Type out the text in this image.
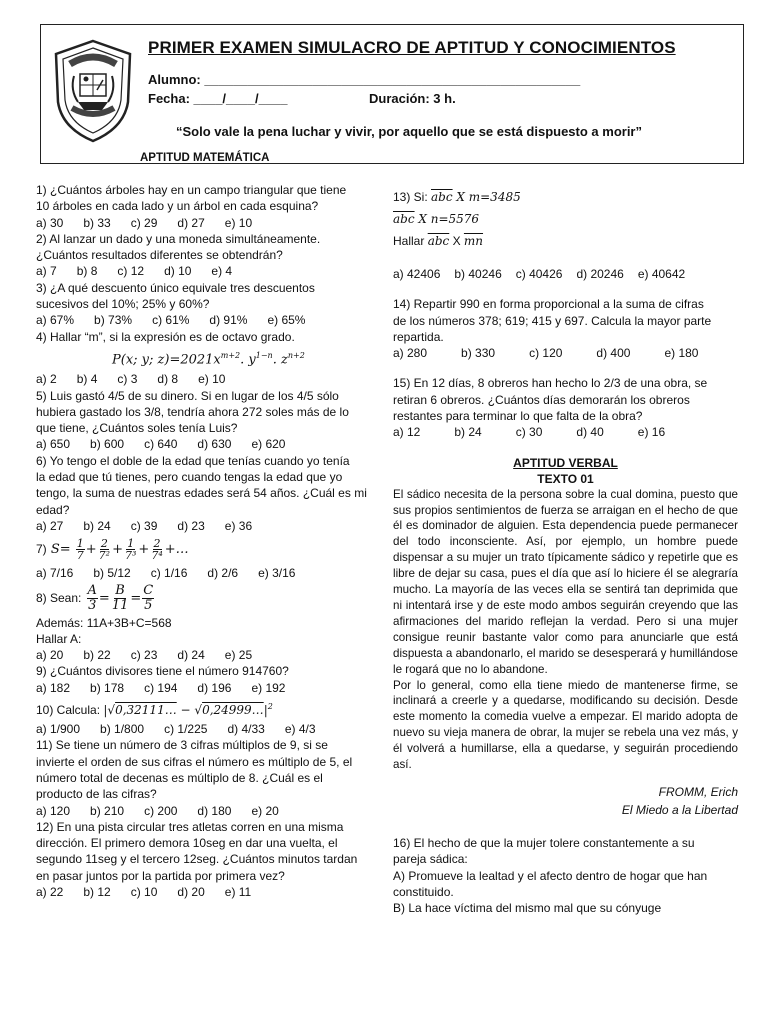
PRIMER EXAMEN SIMULACRO DE APTITUD Y CONOCIMIENTOS
Alumno: ____________________________________________________
Fecha: ____/____/____	Duración: 3 h.
“Solo vale la pena luchar y vivir, por aquello que se está dispuesto a morir”
APTITUD MATEMÁTICA
1) ¿Cuántos árboles hay en un campo triangular que tiene
10 árboles en cada lado y un árbol en cada esquina?
a) 30 b) 33 c) 29 d) 27 e) 10
2) Al lanzar un dado y una moneda simultáneamente.
¿Cuántos resultados diferentes se obtendrán?
a) 7 b) 8 c) 12 d) 10 e) 4
3) ¿A qué descuento único equivale tres descuentos
sucesivos del 10%; 25% y 60%?
a) 67% b) 73% c) 61% d) 91% e) 65%
4) Hallar “m”, si la expresión es de octavo grado.
P(x; y; $z)=2021x^{m+2}$. $y^{1-n}$. $z^{n+2}$
a) 2 b) 4 c) 3 d) 8 e) 10
5) Luis gastó 4/5 de su dinero. Si en lugar de los 4/5 sólo
hubiera gastado los 3/8, tendría ahora 272 soles más de lo
que tiene, ¿Cuántos soles tenía Luis?
a) 650 b) 600 c) 640 d) 630 e) 620
6) Yo tengo el doble de la edad que tenías cuando yo tenía
la edad que tú tienes, pero cuando tengas la edad que yo
tengo, la suma de nuestras edades será 54 años. ¿Cuál es mi
edad?
a) 27 b) 24 c) 39 d) 23 e) 36
7) $S= \frac{1}{7} + \frac{2}{\text{7²}} + \frac{1}{\text{7³}} + \frac{2}{\text{7⁴}}$ +…
a) 7/16 b) 5/12 c) 1/16 d) 2/6 e) 3/16
8) Sean: $\frac{A}{3} = \frac{B}{11} = \frac{C}{5}$
Además: 11A+3B+C=568
Hallar A:
a) 20 b) 22 c) 23 d) 24 e) 25
9) ¿Cuántos divisores tiene el número 914760?
a) 182 b) 178 c) 194 d) 196 e) 192
10) Calcula: |√0,32111… − $√0,24999\dots|^2$
a) 1/900 b) 1/800 c) 1/225 d) 4/33 e) 4/3
11) Se tiene un número de 3 cifras múltiplos de 9, si se
invierte el orden de sus cifras el número es múltiplo de 5, el
número total de decenas es múltiplo de 8. ¿Cuál es el
producto de las cifras?
a) 120 b) 210 c) 200 d) 180 e) 20
12) En una pista circular tres atletas corren en una misma
dirección. El primero demora 10seg en dar una vuelta, el
segundo 11seg y el tercero 12seg. ¿Cuántos minutos tardan
en pasar juntos por la partida por primera vez?
a) 22 b) 12 c) 10 d) 20 e) 11
13) Si: $\overline{abc}$ X m=3485
$\overline{abc}$ X n=5576
Hallar $\overline{abc}$ X $\overline{mn}$
a) 42406 b) 40246 c) 40426 d) 20246 e) 40642
14) Repartir 990 en forma proporcional a la suma de cifras
de los números 378; 619; 415 y 697. Calcula la mayor parte
repartida.
a) 280	b) 330	c) 120	d) 400	e) 180
15) En 12 días, 8 obreros han hecho lo 2/3 de una obra, se
retiran 6 obreros. ¿Cuántos días demorarán los obreros
restantes para terminar lo que falta de la obra?
a) 12	b) 24	c) 30	d) 40	e) 16
APTITUD VERBAL
TEXTO 01
El sádico necesita de la persona sobre la cual domina, puesto que sus propios sentimientos de fuerza se arraigan en el hecho de que él es dominador de alguien. Esta dependencia puede permanecer del todo inconsciente. Así, por ejemplo, un hombre puede dispensar a su mujer un trato típicamente sádico y repetirle que es libre de dejar su casa, pues el día que así lo hiciere él se alegraría mucho. La mayoría de las veces ella se sentirá tan deprimida que ni intentará irse y de este modo ambos seguirán creyendo que las afirmaciones del marido reflejan la verdad. Pero si una mujer consigue reunir bastante valor como para anunciarle que está dispuesta a abandonarlo, el marido se desesperará y humillándose le rogará que no lo abandone.
Por lo general, como ella tiene miedo de mantenerse firme, se inclinará a creerle y a quedarse, modificando su decisión. Desde este momento la comedia vuelve a empezar. El marido adopta de nuevo su vieja manera de obrar, la mujer se rebela una vez más, y él volverá a humillarse, ella a quedarse, y seguirán procediendo así.
FROMM, Erich
El Miedo a la Libertad
16) El hecho de que la mujer tolere constantemente a su
pareja sádica:
A) Promueve la lealtad y el afecto dentro de hogar que han
constituido.
B) La hace víctima del mismo mal que su cónyuge
